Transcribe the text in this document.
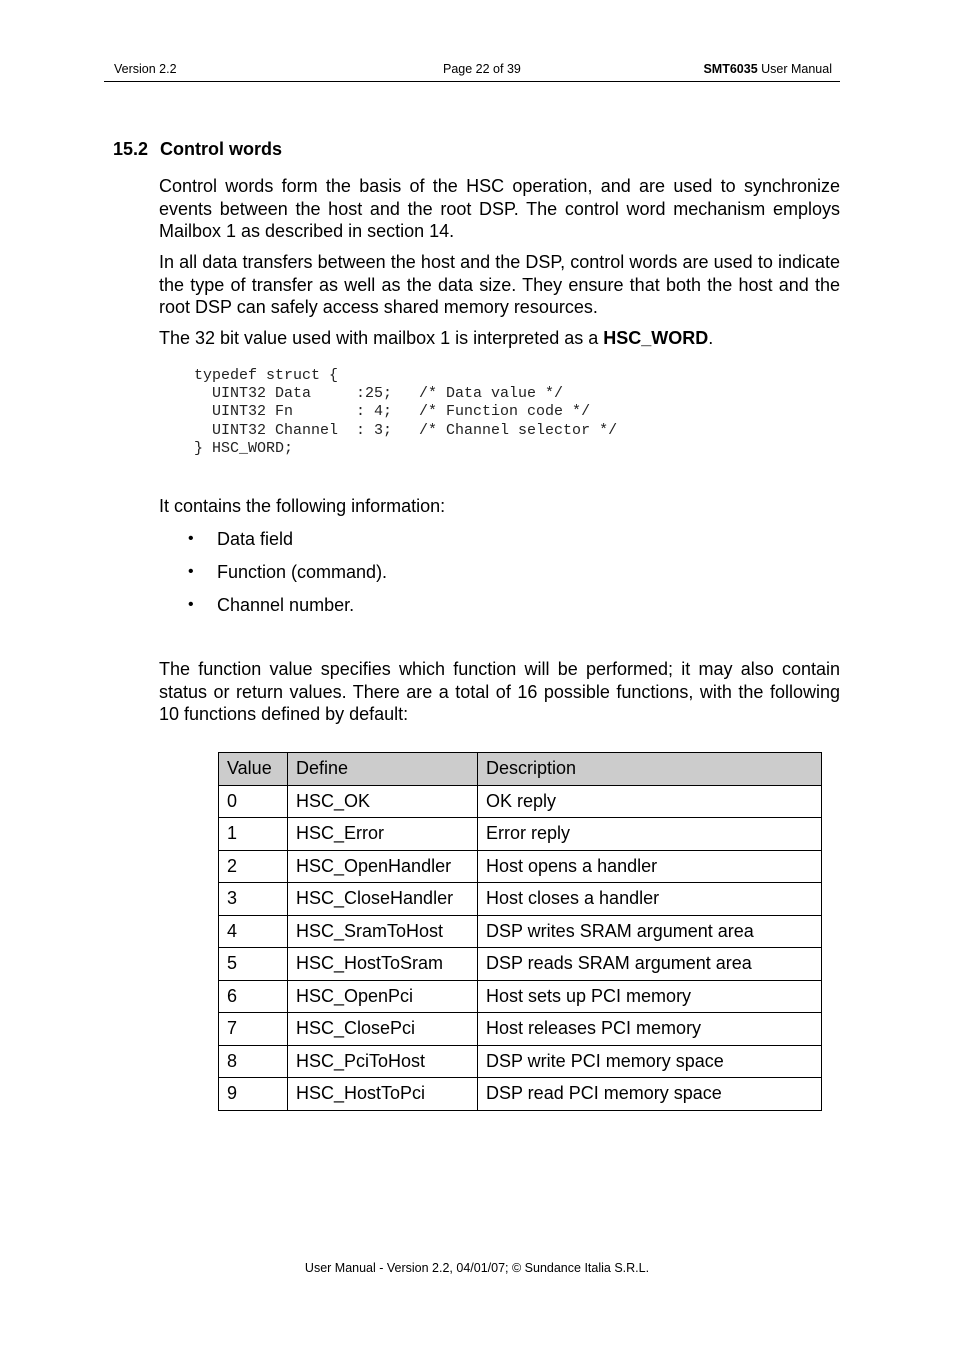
Version 2.2	Page 22 of 39	SMT6035 User Manual
15.2 Control words
Control words form the basis of the HSC operation, and are used to synchronize events between the host and the root DSP. The control word mechanism employs Mailbox 1 as described in section 14.
In all data transfers between the host and the DSP, control words are used to indicate the type of transfer as well as the data size. They ensure that both the host and the root DSP can safely access shared memory resources.
The 32 bit value used with mailbox 1 is interpreted as a HSC_WORD.
typedef struct {
UINT32 Data     :25;   /* Data value */
UINT32 Fn       : 4;   /* Function code */
UINT32 Channel  : 3;   /* Channel selector */
} HSC_WORD;
It contains the following information:
• Data field
• Function (command).
• Channel number.
The function value specifies which function will be performed; it may also contain status or return values. There are a total of 16 possible functions, with the following 10 functions defined by default:
Value	Define	Description
0	HSC_OK	OK reply
1	HSC_Error	Error reply
2	HSC_OpenHandler	Host opens a handler
3	HSC_CloseHandler	Host closes a handler
4	HSC_SramToHost	DSP writes SRAM argument area
5	HSC_HostToSram	DSP reads SRAM argument area
6	HSC_OpenPci	Host sets up PCI memory
7	HSC_ClosePci	Host releases PCI memory
8	HSC_PciToHost	DSP write PCI memory space
9	HSC_HostToPci	DSP read PCI memory space
User Manual - Version 2.2, 04/01/07; © Sundance Italia S.R.L.
